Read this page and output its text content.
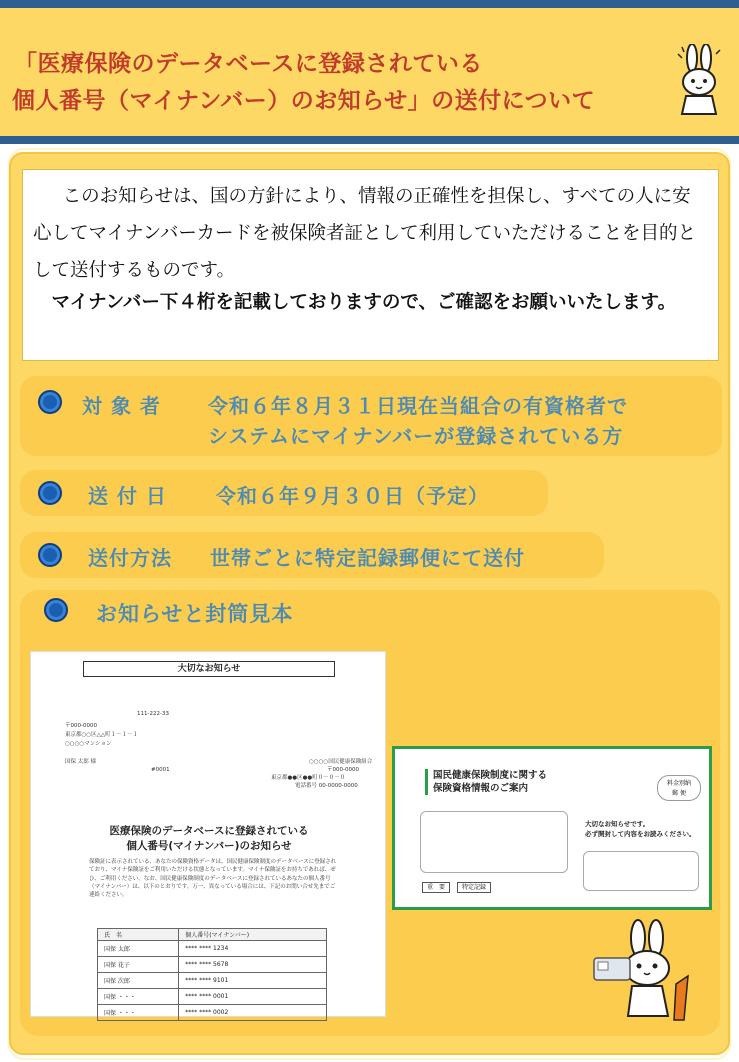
「医療保険のデータベースに登録されている
個人番号（マイナンバー）のお知らせ」の送付について

このお知らせは、国の方針により、情報の正確性を担保し、すべての人に安心してマイナンバーカードを被保険者証として利用していただけることを目的として送付するものです。

マイナンバー下４桁を記載しておりますので、ご確認をお願いいたします。

対 象 者 令和６年８月３１日現在当組合の有資格者で
システムにマイナンバーが登録されている方
送 付 日 令和６年９月３０日（予定）
送付方法 世帯ごとに特定記録郵便にて送付
お知らせと封筒見本
大切なお知らせ
111-222-33
〒000-0000
東京都○○区△△町１－１－１
○○○○マンション
国保 太郎 様
#0001
○○○○国民健康保険組合
〒000-0000
東京都●●区●●町０－０－０
電話番号 00-0000-0000
医療保険のデータベースに登録されている
個人番号(マイナンバー)のお知らせ
保険証に表示されている、あなたの保険資格データは、国民健康保険制度のデータベースに登録されており、マイナ保険証をご利用いただける状態となっています。マイナ保険証をお持ちであれば、ぜひ、ご利用ください。なお、国民健康保険制度のデータベースに登録されているあなたの個人番号（マイナンバー）は、以下のとおりです。万一、異なっている場合には、下記のお問い合せ先までご連絡ください。
氏　名	個人番号(マイナンバー)
国保 太郎	**** **** 1234
国保 花子	**** **** 5678
国保 次郎	**** **** 9101
国保 ・・・	**** **** 0001
国保 ・・・	**** **** 0002
国民健康保険制度に関する
保険資格情報のご案内	料金別納
郵 便
大切なお知らせです。
必ず開封して内容をお読みください。
重　要	特定記録
